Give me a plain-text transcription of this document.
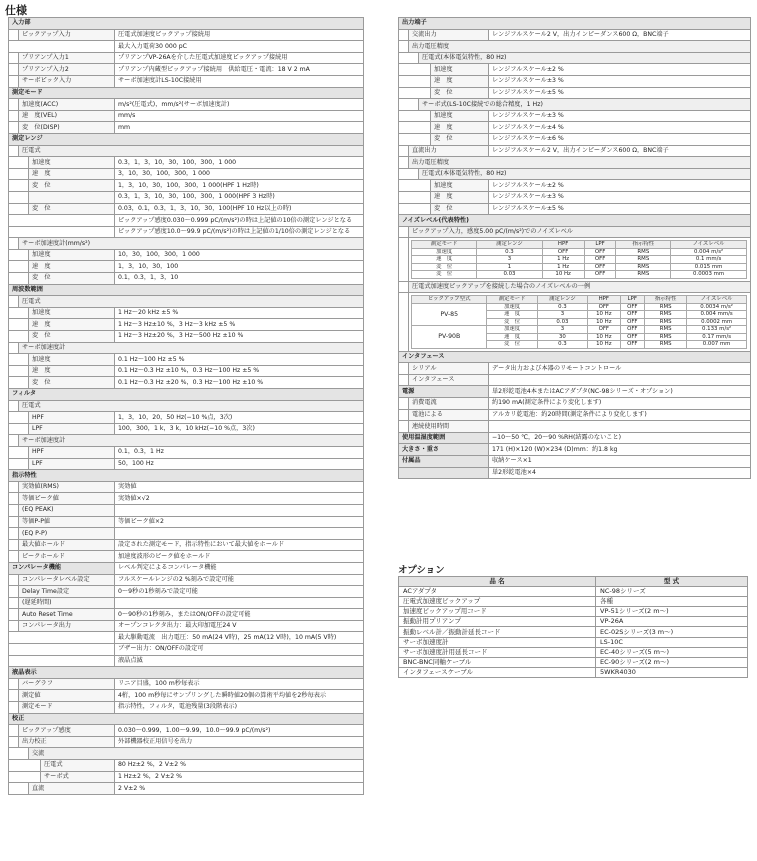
仕様
入力部				
	ピックアップ入力			圧電式加速度ピックアップ接続用
				最大入力電荷30 000 pC
	プリアンプ入力1			プリアンプVP-26Aを介した圧電式加速度ピックアップ接続用
	プリアンプ入力2			プリアンプ内蔵型ピックアップ接続用　供給電圧・電流：18 V 2 mA
	サーボピック入力			サーボ加速度計LS-10C接続用
測定モード				
	加速度(ACC)			m/s²(圧電式)，mm/s²(サーボ加速度計)
	速　度(VEL)			mm/s
	変　位(DISP)			mm
測定レンジ				
	圧電式			
		加速度		0.3，1，3，10，30，100，300，1 000
		速　度		3，10，30，100，300，1 000
		変　位		1，3，10，30，100，300，1 000(HPF 1 Hz時)
				0.3，1，3，10，30，100，300，1 000(HPF 3 Hz時)
		変　位		0.03，0.1，0.3，1，3，10，30，100(HPF 10 Hz以上の時)
				ピックアップ感度0.030～0.999 pC/(m/s²)の時は上記値の10倍の測定レンジとなる
				ピックアップ感度10.0～99.9 pC/(m/s²)の時は上記値の1/10倍の測定レンジとなる
	サーボ加速度計(mm/s²)			
		加速度		10，30，100，300，1 000
		速　度		1，3，10，30，100
		変　位		0.1，0.3，1，3，10
周波数範囲				
	圧電式			
		加速度		1 Hz～20 kHz ±5 %
		速　度		1 Hz～3 Hz±10 %，3 Hz～3 kHz ±5 %
		変　位		1 Hz～3 Hz±20 %，3 Hz～500 Hz ±10 %
	サーボ加速度計			
		加速度		0.1 Hz～100 Hz ±5 %
		速　度		0.1 Hz～0.3 Hz ±10 %，0.3 Hz～100 Hz ±5 %
		変　位		0.1 Hz～0.3 Hz ±20 %，0.3 Hz～100 Hz ±10 %
フィルタ				
	圧電式			
		HPF		1，3，10，20，50 Hz(−10 %点，3次)
		LPF		100，300，1 k，3 k，10 kHz(−10 %点，3次)
	サーボ加速度計			
		HPF		0.1，0.3，1 Hz
		LPF		50，100 Hz
指示特性				
	実効値(RMS)			実効値
	等価ピーク値			実効値×√2
	(EQ PEAK)			
	等価P-P値			等価ピーク値×2
	(EQ P-P)			
	最大値ホールド			設定された測定モード，指示特性において最大値をホールド
	ピークホールド			加速度波形のピーク値をホールド
コンパレータ機能				レベル判定によるコンパレータ機能
	コンパレータレベル設定			フルスケールレンジの2 %刻みで設定可能
	Delay Time設定			0～9秒の1秒刻みで設定可能
	(遅延時間)			
	Auto Reset Time			0～90秒の1秒刻み，またはON/OFFの設定可能
	コンパレータ出力			オープンコレクタ出力：最大印加電圧24 V
				最大駆動電流　出力電圧：50 mA(24 V時)，25 mA(12 V時)，10 mA(5 V時)
				ブザー出力：ON/OFFの設定可
				液晶点滅
液晶表示				
	バーグラフ			リニア目盛，100 m秒毎表示
	測定値			4桁，100 m秒毎にサンプリングした瞬時値20個の算術平均値を2秒毎表示
	測定モード			指示特性，フィルタ，電池残量(3段階表示)
校正				
	ピックアップ感度			0.030～0.999，1.00～9.99，10.0～99.9 pC/(m/s²)
	出力校正			外部機器校正用信号を出力
		交流		
			圧電式	80 Hz±2 %，2 V±2 %
			サーボ式	1 Hz±2 %，2 V±2 %
		直流		2 V±2 %
出力端子
	交流出力	レンジフルスケール2 V，出力インピーダンス600 Ω，BNC端子
	出力電圧精度
	圧電式(本体電気特性，80 Hz)
	加速度	レンジフルスケール±2 %
	速　度	レンジフルスケール±3 %
	変　位	レンジフルスケール±5 %
	サーボ式(LS-10C接続での総合精度，1 Hz)
	加速度	レンジフルスケール±3 %
	速　度	レンジフルスケール±4 %
	変　位	レンジフルスケール±6 %
	直流出力	レンジフルスケール2 V，出力インピーダンス600 Ω，BNC端子
	出力電圧精度
	圧電式(本体電気特性，80 Hz)
	加速度	レンジフルスケール±2 %
	速　度	レンジフルスケール±3 %
	変　位	レンジフルスケール±5 %
ノイズレベル(代表特性)
	ピックアップ入力，感度5.00 pC/(m/s²)でのノイズレベル

測定モード	測定レンジ	HPF	LPF	指示特性	ノイズレベル
加速度	0.3	OFF	OFF	RMS	0.004 m/s²
速　度	3	1 Hz	OFF	RMS	0.1 mm/s
変　位	1	1 Hz	OFF	RMS	0.015 mm
変　位	0.03	10 Hz	OFF	RMS	0.0003 mm

	圧電式加速度ピックアップを接続した場合のノイズレベルの一例

ピックアップ型式	測定モード	測定レンジ	HPF	LPF	指示特性	ノイズレベル
PV-85	加速度	0.3	OFF	OFF	RMS	0.0034 m/s²
速　度	3	10 Hz	OFF	RMS	0.004 mm/s
変　位	0.03	10 Hz	OFF	RMS	0.0002 mm
PV-90B	加速度	3	OFF	OFF	RMS	0.133 m/s²
速　度	30	10 Hz	OFF	RMS	0.17 mm/s
変　位	0.3	10 Hz	OFF	RMS	0.007 mm

インタフェース
	シリアル	データ出力および本器のリモートコントロール
	インタフェース	
電源	単2形乾電池4本またはACアダプタ(NC-98シリーズ・オプション)
	消費電流	約190 mA(測定条件により変化します)
	電池による	アルカリ乾電池：約20時間(測定条件により変化します)
	連続使用時間	
使用温湿度範囲	−10～50 ℃，20～90 %RH(結露のないこと)
大きさ・重さ	171 (H)×120 (W)×234 (D)mm：約1.8 kg
付属品	収納ケース×1
	単2形乾電池×4
オプション
品 名	型 式
ACアダプタ	NC-98シリーズ
圧電式加速度ピックアップ	各種
加速度ピックアップ用コード	VP-51シリーズ(2 m～)
振動計用プリアンプ	VP-26A
振動レベル計／振動計延長コード	EC-02Sシリーズ(3 m～)
サーボ加速度計	LS-10C
サーボ加速度計用延長コード	EC-40シリーズ(5 m～)
BNC-BNC同軸ケーブル	EC-90シリーズ(2 m～)
インタフェースケーブル	5WKR4030
